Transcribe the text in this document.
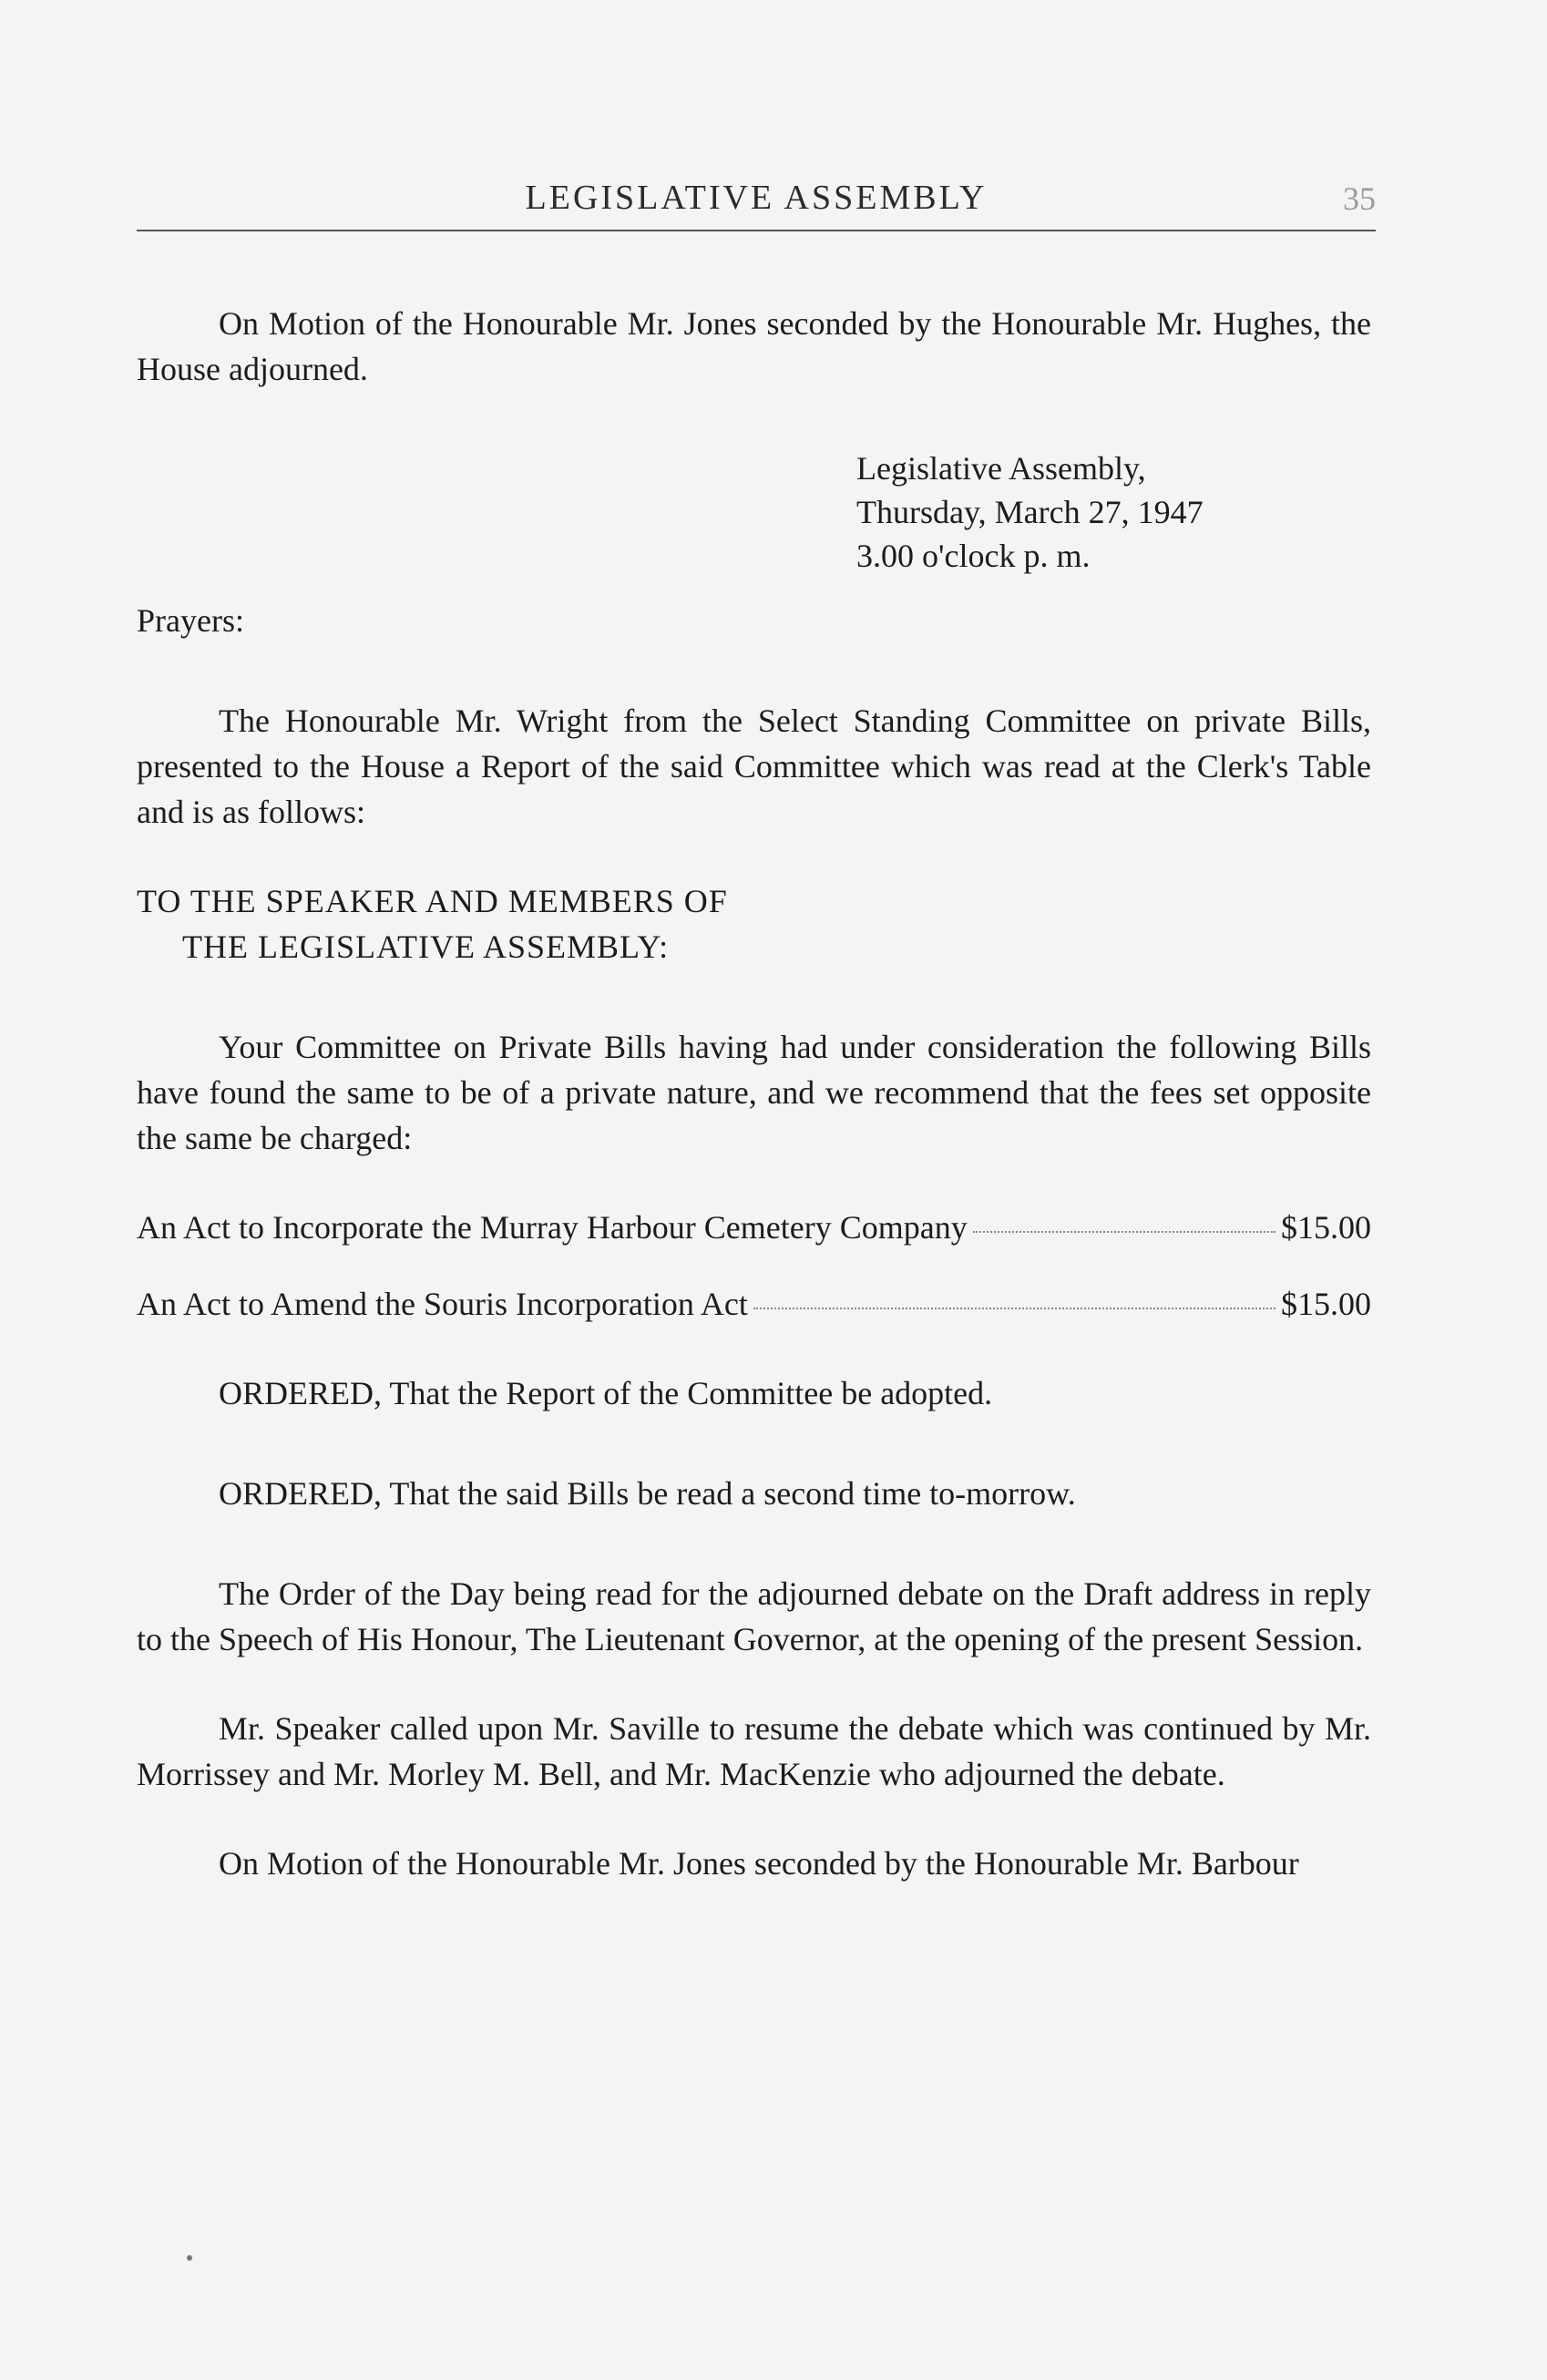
LEGISLATIVE ASSEMBLY	35

On Motion of the Honourable Mr. Jones seconded by the Honourable Mr. Hughes, the House adjourned.

Legislative Assembly,
Thursday, March 27, 1947
3.00 o'clock p. m.

Prayers:

The Honourable Mr. Wright from the Select Standing Committee on private Bills, presented to the House a Report of the said Committee which was read at the Clerk's Table and is as follows:

TO THE SPEAKER AND MEMBERS OF
THE LEGISLATIVE ASSEMBLY:

Your Committee on Private Bills having had under consideration the following Bills have found the same to be of a private nature, and we recommend that the fees set opposite the same be charged:

An Act to Incorporate the Murray Harbour Cemetery Company	$15.00
An Act to Amend the Souris Incorporation Act	$15.00

ORDERED, That the Report of the Committee be adopted.

ORDERED, That the said Bills be read a second time to-morrow.

The Order of the Day being read for the adjourned debate on the Draft address in reply to the Speech of His Honour, The Lieutenant Governor, at the opening of the present Session.

Mr. Speaker called upon Mr. Saville to resume the debate which was continued by Mr. Morrissey and Mr. Morley M. Bell, and Mr. MacKenzie who adjourned the debate.

On Motion of the Honourable Mr. Jones seconded by the Honourable Mr. Barbour
